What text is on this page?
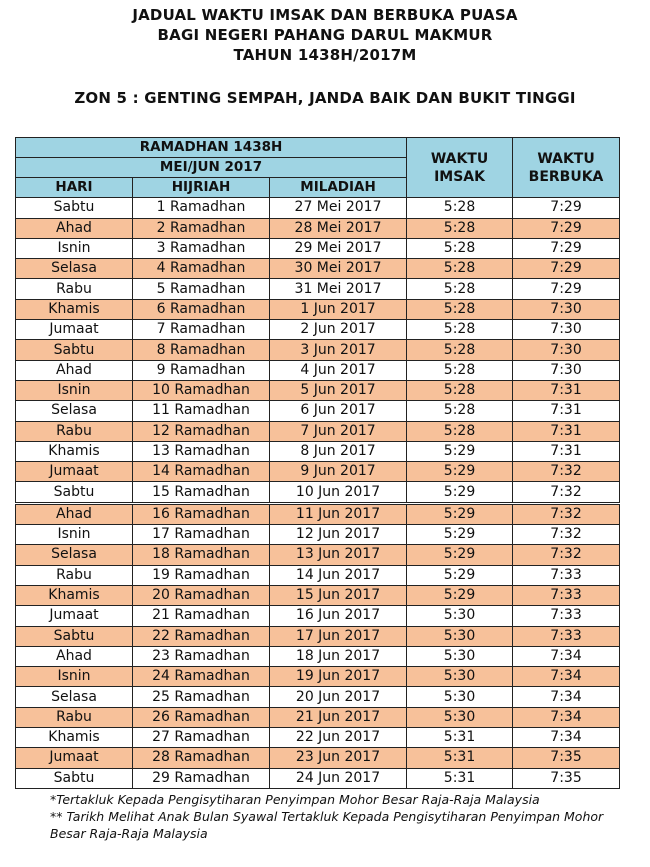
JADUAL WAKTU IMSAK DAN BERBUKA PUASA
BAGI NEGERI PAHANG DARUL MAKMUR
TAHUN 1438H/2017M
ZON 5 : GENTING SEMPAH, JANDA BAIK DAN BUKIT TINGGI
RAMADHAN 1438H			WAKTU IMSAK	WAKTU BERBUKA
MEI/JUN 2017				
HARI	HIJRIAH	MILADIAH		
Sabtu	1 Ramadhan	27 Mei 2017	5:28	7:29
Ahad	2 Ramadhan	28 Mei 2017	5:28	7:29
Isnin	3 Ramadhan	29 Mei 2017	5:28	7:29
Selasa	4 Ramadhan	30 Mei 2017	5:28	7:29
Rabu	5 Ramadhan	31 Mei 2017	5:28	7:29
Khamis	6 Ramadhan	1 Jun 2017	5:28	7:30
Jumaat	7 Ramadhan	2 Jun 2017	5:28	7:30
Sabtu	8 Ramadhan	3 Jun 2017	5:28	7:30
Ahad	9 Ramadhan	4 Jun 2017	5:28	7:30
Isnin	10 Ramadhan	5 Jun 2017	5:28	7:31
Selasa	11 Ramadhan	6 Jun 2017	5:28	7:31
Rabu	12 Ramadhan	7 Jun 2017	5:28	7:31
Khamis	13 Ramadhan	8 Jun 2017	5:29	7:31
Jumaat	14 Ramadhan	9 Jun 2017	5:29	7:32
Sabtu	15 Ramadhan	10 Jun 2017	5:29	7:32
Ahad	16 Ramadhan	11 Jun 2017	5:29	7:32
Isnin	17 Ramadhan	12 Jun 2017	5:29	7:32
Selasa	18 Ramadhan	13 Jun 2017	5:29	7:32
Rabu	19 Ramadhan	14 Jun 2017	5:29	7:33
Khamis	20 Ramadhan	15 Jun 2017	5:29	7:33
Jumaat	21 Ramadhan	16 Jun 2017	5:30	7:33
Sabtu	22 Ramadhan	17 Jun 2017	5:30	7:33
Ahad	23 Ramadhan	18 Jun 2017	5:30	7:34
Isnin	24 Ramadhan	19 Jun 2017	5:30	7:34
Selasa	25 Ramadhan	20 Jun 2017	5:30	7:34
Rabu	26 Ramadhan	21 Jun 2017	5:30	7:34
Khamis	27 Ramadhan	22 Jun 2017	5:31	7:34
Jumaat	28 Ramadhan	23 Jun 2017	5:31	7:35
Sabtu	29 Ramadhan	24 Jun 2017	5:31	7:35
*Tertakluk Kepada Pengisytiharan Penyimpan Mohor Besar Raja-Raja Malaysia
** Tarikh Melihat Anak Bulan Syawal Tertakluk Kepada Pengisytiharan Penyimpan Mohor Besar Raja-Raja Malaysia
